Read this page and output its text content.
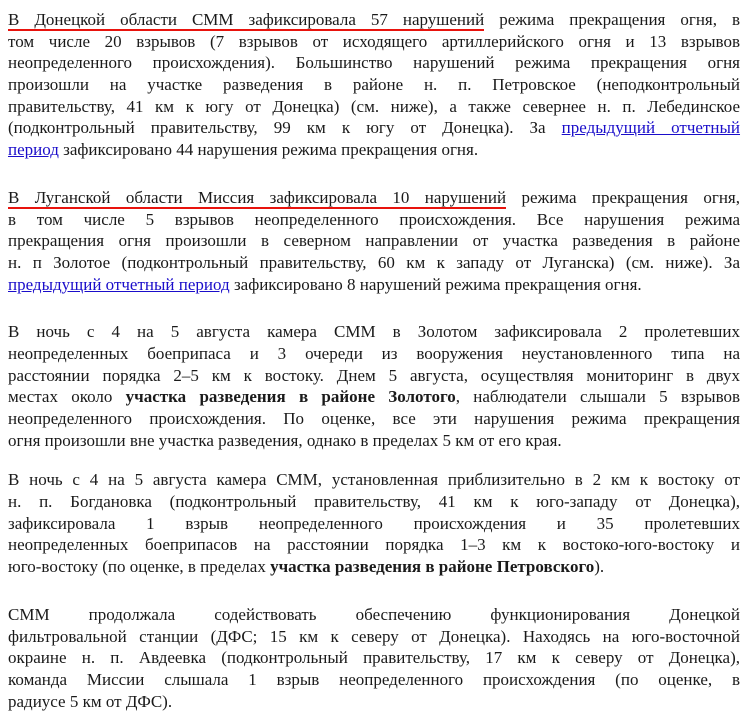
В Донецкой области СММ зафиксировала 57 нарушений режима прекращения огня, в
том числе 20 взрывов (7 взрывов от исходящего артиллерийского огня и 13 взрывов
неопределенного происхождения). Большинство нарушений режима прекращения огня
произошли на участке разведения в районе н. п. Петровское (неподконтрольный
правительству, 41 км к югу от Донецка) (см. ниже), а также севернее н. п. Лебединское
(подконтрольный правительству, 99 км к югу от Донецка). За предыдущий отчетный
период зафиксировано 44 нарушения режима прекращения огня.
В Луганской области Миссия зафиксировала 10 нарушений режима прекращения огня,
в том числе 5 взрывов неопределенного происхождения. Все нарушения режима
прекращения огня произошли в северном направлении от участка разведения в районе
н. п Золотое (подконтрольный правительству, 60 км к западу от Луганска) (см. ниже). За
предыдущий отчетный период зафиксировано 8 нарушений режима прекращения огня.
В ночь с 4 на 5 августа камера СММ в Золотом зафиксировала 2 пролетевших
неопределенных боеприпаса и 3 очереди из вооружения неустановленного типа на
расстоянии порядка 2–5 км к востоку. Днем 5 августа, осуществляя мониторинг в двух
местах около участка разведения в районе Золотого, наблюдатели слышали 5 взрывов
неопределенного происхождения. По оценке, все эти нарушения режима прекращения
огня произошли вне участка разведения, однако в пределах 5 км от его края.
В ночь с 4 на 5 августа камера СММ, установленная приблизительно в 2 км к востоку от
н. п. Богдановка (подконтрольный правительству, 41 км к юго-западу от Донецка),
зафиксировала 1 взрыв неопределенного происхождения и 35 пролетевших
неопределенных боеприпасов на расстоянии порядка 1–3 км к востоко-юго-востоку и
юго-востоку (по оценке, в пределах участка разведения в районе Петровского).
СММ продолжала содействовать обеспечению функционирования Донецкой
фильтровальной станции (ДФС; 15 км к северу от Донецка). Находясь на юго-восточной
окраине н. п. Авдеевка (подконтрольный правительству, 17 км к северу от Донецка),
команда Миссии слышала 1 взрыв неопределенного происхождения (по оценке, в
радиусе 5 км от ДФС).
